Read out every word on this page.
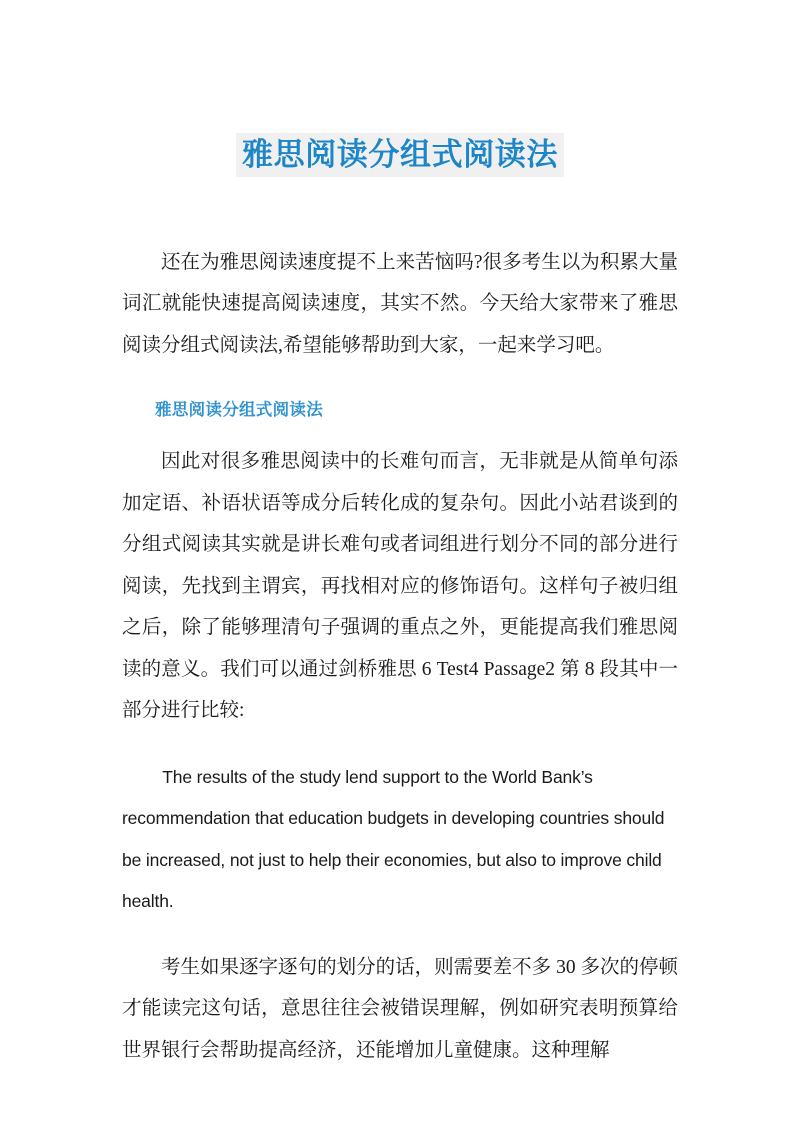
雅思阅读分组式阅读法

还在为雅思阅读速度提不上来苦恼吗?很多考生以为积累大量词汇就能快速提高阅读速度，其实不然。今天给大家带来了雅思阅读分组式阅读法,希望能够帮助到大家，一起来学习吧。

雅思阅读分组式阅读法

因此对很多雅思阅读中的长难句而言，无非就是从简单句添加定语、补语状语等成分后转化成的复杂句。因此小站君谈到的分组式阅读其实就是讲长难句或者词组进行划分不同的部分进行阅读，先找到主谓宾，再找相对应的修饰语句。这样句子被归组之后，除了能够理清句子强调的重点之外，更能提高我们雅思阅读的意义。我们可以通过剑桥雅思 6 Test4 Passage2 第 8 段其中一部分进行比较:

The results of the study lend support to the World Bank’s recommendation that education budgets in developing countries should be increased, not just to help their economies, but also to improve child health.

考生如果逐字逐句的划分的话，则需要差不多 30 多次的停顿才能读完这句话，意思往往会被错误理解，例如研究表明预算给世界银行会帮助提高经济，还能增加儿童健康。这种理解
